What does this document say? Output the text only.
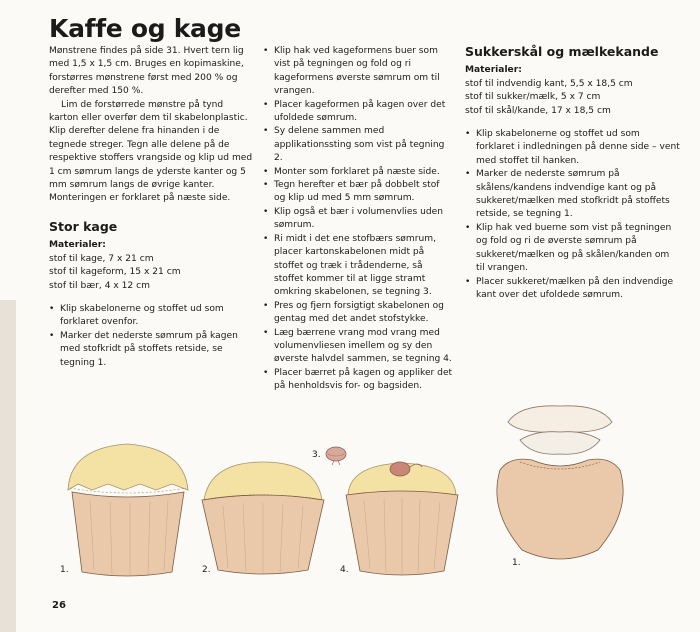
Kaffe og kage

Mønstrene findes på side 31. Hvert tern lig med 1,5 x 1,5 cm. Bruges en kopimaskine, forstørres mønstrene først med 200 % og derefter med 150 %.

Lim de forstørrede mønstre på tynd karton eller overfør dem til skabelonplastic. Klip derefter delene fra hinanden i de tegnede streger. Tegn alle delene på de respektive stoffers vrangside og klip ud med 1 cm sømrum langs de yderste kanter og 5 mm sømrum langs de øvrige kanter. Monteringen er forklaret på næste side.

Stor kage

Materialer:

stof til kage, 7 x 21 cm

stof til kageform, 15 x 21 cm

stof til bær, 4 x 12 cm

• Klip skabelonerne og stoffet ud som forklaret ovenfor.
• Marker det nederste sømrum på kagen med stofkridt på stoffets retside, se tegning 1.
• Klip hak ved kageformens buer som vist på tegningen og fold og ri kageformens øverste sømrum om til vrangen.
• Placer kageformen på kagen over det ufoldede sømrum.
• Sy delene sammen med applikationssting som vist på tegning 2.
• Monter som forklaret på næste side.
• Tegn herefter et bær på dobbelt stof og klip ud med 5 mm sømrum.
• Klip også et bær i volumenvlies uden sømrum.
• Ri midt i det ene stofbærs sømrum, placer kartonskabelonen midt på stoffet og træk i trådenderne, så stoffet kommer til at ligge stramt omkring skabelonen, se tegning 3.
• Pres og fjern forsigtigt skabelonen og gentag med det andet stofstykke.
• Læg bærrene vrang mod vrang med volumenvliesen imellem og sy den øverste halvdel sammen, se tegning 4.
• Placer bærret på kagen og appliker det på henholdsvis for- og bagsiden.
Sukkerskål og mælkekande

Materialer:

stof til indvendig kant, 5,5 x 18,5 cm

stof til sukker/mælk, 5 x 7 cm

stof til skål/kande, 17 x 18,5 cm

• Klip skabelonerne og stoffet ud som forklaret i indledningen på denne side – vent med stoffet til hanken.
• Marker de nederste sømrum på skålens/kandens indvendige kant og på sukkeret/mælken med stofkridt på stoffets retside, se tegning 1.
• Klip hak ved buerne som vist på tegningen og fold og ri de øverste sømrum på sukkeret/mælken og på skålen/kanden om til vrangen.
• Placer sukkeret/mælken på den indvendige kant over det ufoldede sømrum.
1.	2.
3.
4.
1.
26
